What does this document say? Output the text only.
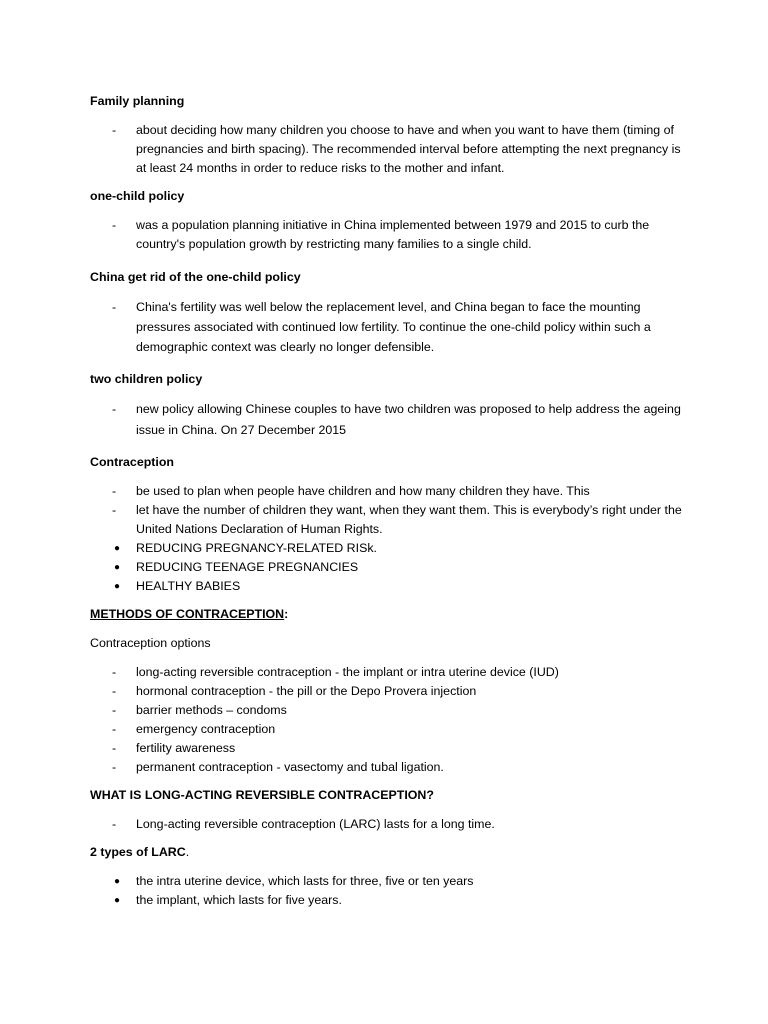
Family planning

- about deciding how many children you choose to have and when you want to have them (timing of pregnancies and birth spacing). The recommended interval before attempting the next pregnancy is at least 24 months in order to reduce risks to the mother and infant.

one-child policy

- was a population planning initiative in China implemented between 1979 and 2015 to curb the country's population growth by restricting many families to a single child.

China get rid of the one-child policy

- China's fertility was well below the replacement level, and China began to face the mounting pressures associated with continued low fertility. To continue the one-child policy within such a demographic context was clearly no longer defensible.

two children policy

- new policy allowing Chinese couples to have two children was proposed to help address the ageing issue in China. On 27 December 2015

Contraception

- be used to plan when people have children and how many children they have. This
- let have the number of children they want, when they want them. This is everybody’s right under the United Nations Declaration of Human Rights.
● REDUCING PREGNANCY-RELATED RISk.
● REDUCING TEENAGE PREGNANCIES
● HEALTHY BABIES

METHODS OF CONTRACEPTION:

Contraception options

- long-acting reversible contraception - the implant or intra uterine device (IUD)
- hormonal contraception - the pill or the Depo Provera injection
- barrier methods – condoms
- emergency contraception
- fertility awareness
- permanent contraception - vasectomy and tubal ligation.

WHAT IS LONG-ACTING REVERSIBLE CONTRACEPTION?

- Long-acting reversible contraception (LARC) lasts for a long time.

2 types of LARC.

● the intra uterine device, which lasts for three, five or ten years
● the implant, which lasts for five years.
